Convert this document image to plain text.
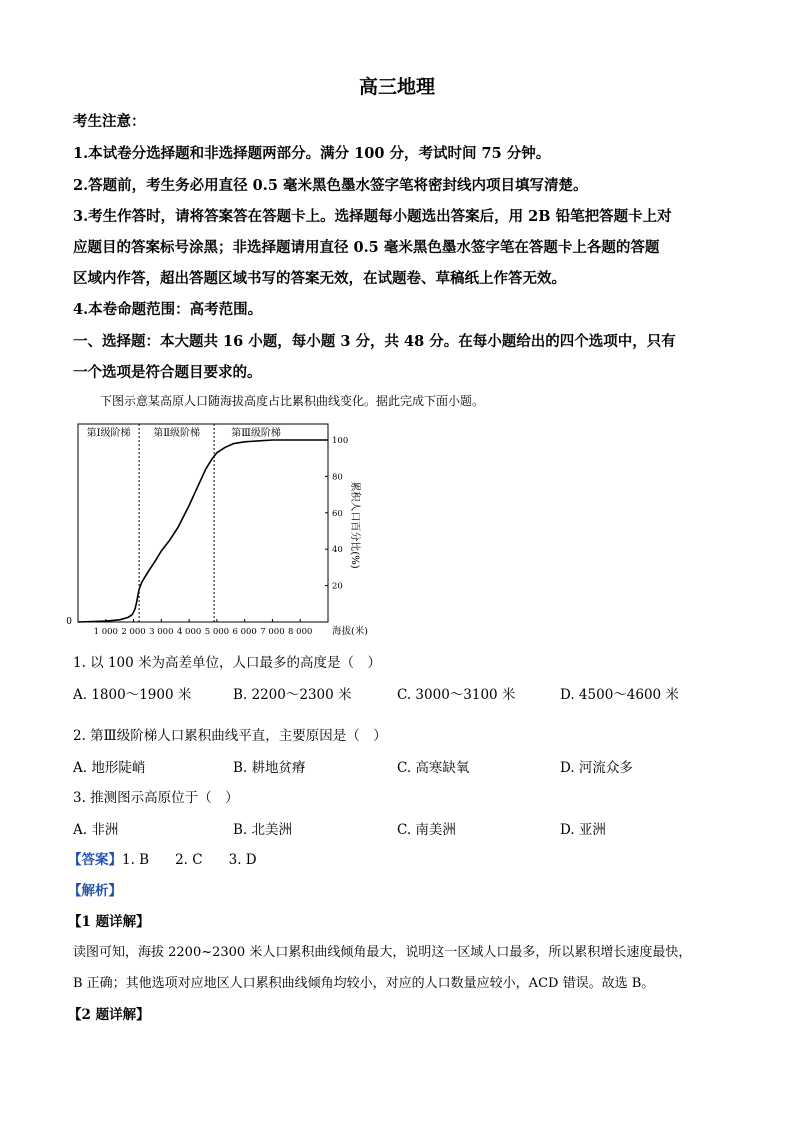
高三地理
考生注意：
1.本试卷分选择题和非选择题两部分。满分 100 分，考试时间 75 分钟。
2.答题前，考生务必用直径 0.5 毫米黑色墨水签字笔将密封线内项目填写清楚。
3.考生作答时，请将答案答在答题卡上。选择题每小题选出答案后，用 2B 铅笔把答题卡上对
应题目的答案标号涂黑；非选择题请用直径 0.5 毫米黑色墨水签字笔在答题卡上各题的答题
区域内作答，超出答题区域书写的答案无效，在试题卷、草稿纸上作答无效。
4.本卷命题范围：高考范围。
一、选择题：本大题共 16 小题，每小题 3 分，共 48 分。在每小题给出的四个选项中，只有
一个选项是符合题目要求的。
下图示意某高原人口随海拔高度占比累积曲线变化。据此完成下面小题。
第Ⅰ级阶梯 第Ⅱ级阶梯	第Ⅲ级阶梯
1 000 2 000 3 000 4 000 5 000 6 000 7 000 8 000
0
海拔(米)
20
40
60
80
100
累积人口百分比(%)
1. 以 100 米为高差单位，人口最多的高度是（　）
A. 1800～1900 米	B. 2200～2300 米	C. 3000～3100 米	D. 4500～4600 米
2. 第Ⅲ级阶梯人口累积曲线平直，主要原因是（　）
A. 地形陡峭	B. 耕地贫瘠	C. 高寒缺氧	D. 河流众多
3. 推测图示高原位于（　）
A. 非洲	B. 北美洲	C. 南美洲	D. 亚洲
【答案】1. B 2. C 3. D
【解析】
【1 题详解】
读图可知，海拔 2200~2300 米人口累积曲线倾角最大，说明这一区域人口最多，所以累积增长速度最快，
B 正确；其他选项对应地区人口累积曲线倾角均较小，对应的人口数量应较小，ACD 错误。故选 B。
【2 题详解】
